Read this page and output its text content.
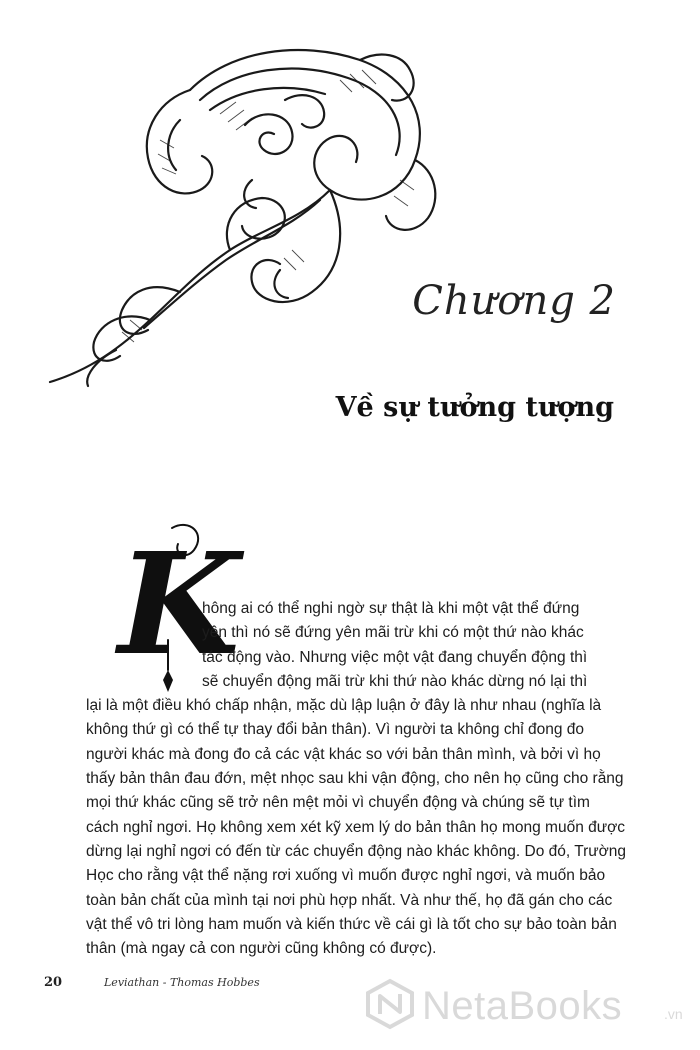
Chương 2
Về sự tưởng tượng
K
hông ai có thể nghi ngờ sự thật là khi một vật thể đứng
yên thì nó sẽ đứng yên mãi trừ khi có một thứ nào khác
tác động vào. Nhưng việc một vật đang chuyển động thì
sẽ chuyển động mãi trừ khi thứ nào khác dừng nó lại thì
lại là một điều khó chấp nhận, mặc dù lập luận ở đây là như nhau (nghĩa là
không thứ gì có thể tự thay đổi bản thân). Vì người ta không chỉ đong đo
người khác mà đong đo cả các vật khác so với bản thân mình, và bởi vì họ
thấy bản thân đau đớn, mệt nhọc sau khi vận động, cho nên họ cũng cho rằng
mọi thứ khác cũng sẽ trở nên mệt mỏi vì chuyển động và chúng sẽ tự tìm
cách nghỉ ngơi. Họ không xem xét kỹ xem lý do bản thân họ mong muốn được
dừng lại nghỉ ngơi có đến từ các chuyển động nào khác không. Do đó, Trường
Học cho rằng vật thể nặng rơi xuống vì muốn được nghỉ ngơi, và muốn bảo
toàn bản chất của mình tại nơi phù hợp nhất. Và như thế, họ đã gán cho các
vật thể vô tri lòng ham muốn và kiến thức về cái gì là tốt cho sự bảo toàn bản
thân (mà ngay cả con người cũng không có được).
20	Leviathan - Thomas Hobbes
NetaBooks	.vn
